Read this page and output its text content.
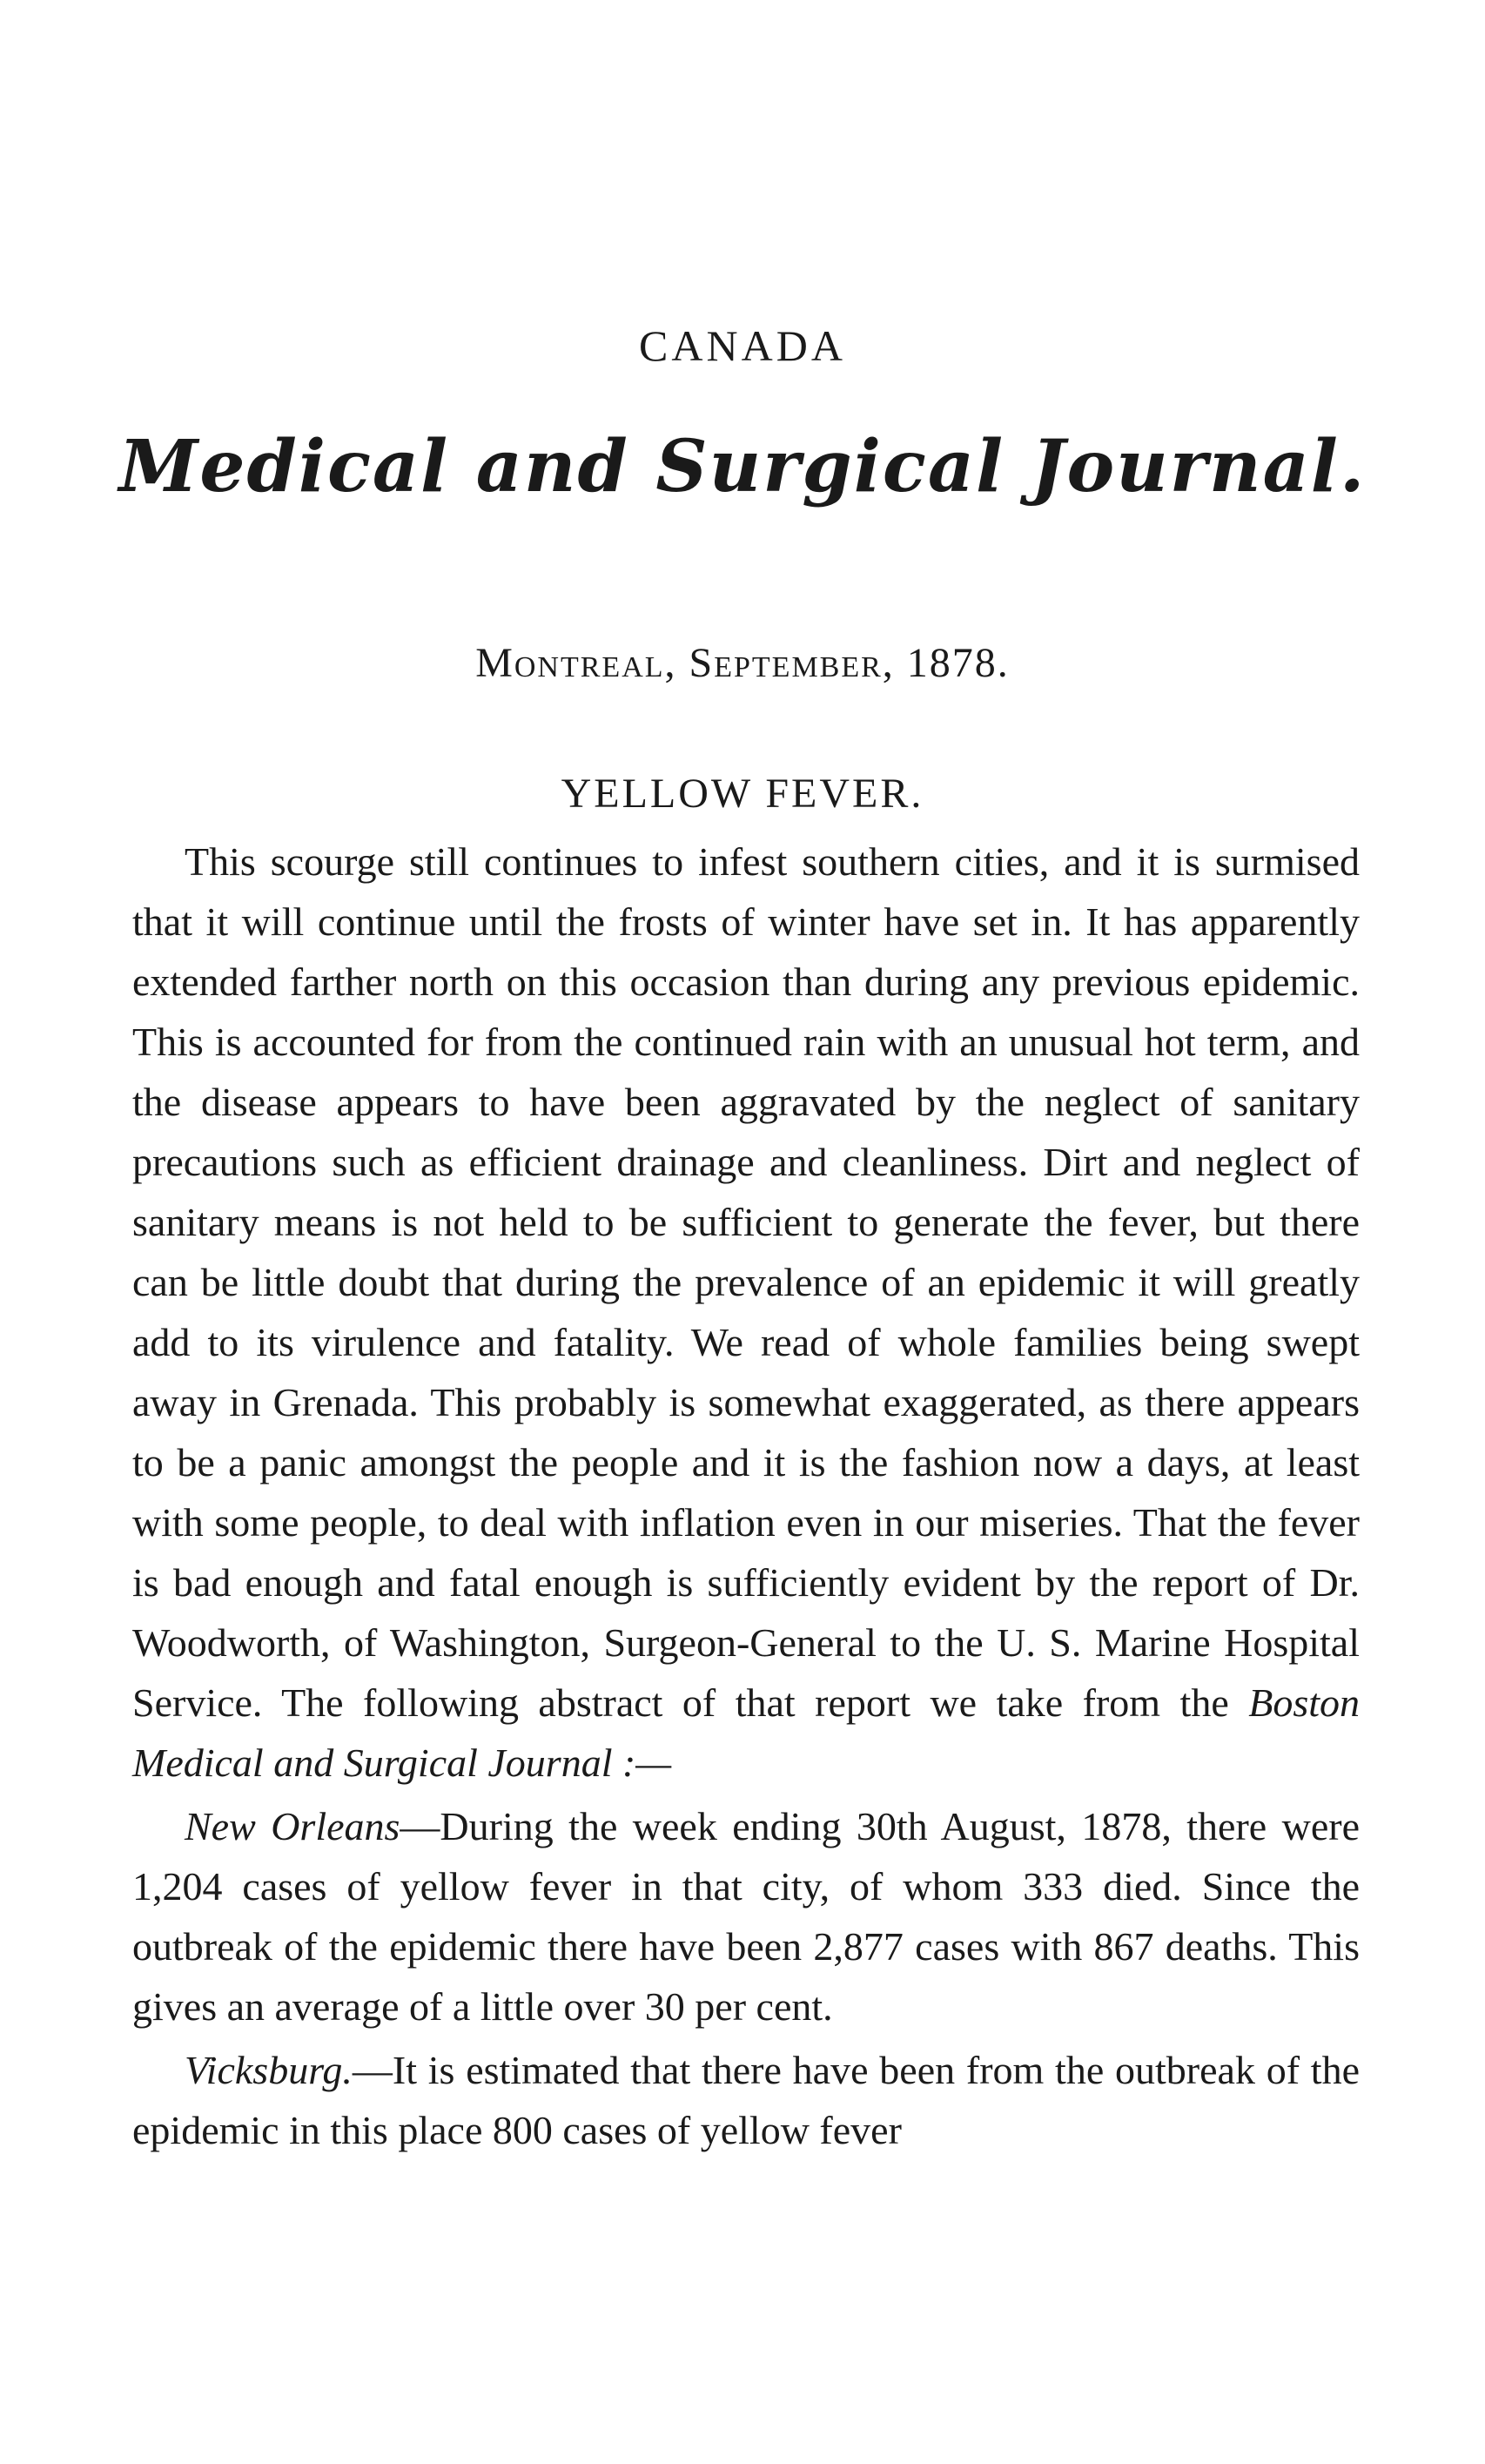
CANADA
Medical and Surgical Journal.
Montreal, September, 1878.
YELLOW FEVER.

This scourge still continues to infest southern cities, and it is surmised that it will continue until the frosts of winter have set in. It has apparently extended farther north on this occasion than during any previous epidemic. This is accounted for from the continued rain with an unusual hot term, and the disease appears to have been aggravated by the neglect of sanitary precautions such as efficient drainage and cleanliness. Dirt and neglect of sanitary means is not held to be sufficient to generate the fever, but there can be little doubt that during the prevalence of an epidemic it will greatly add to its virulence and fatality. We read of whole families being swept away in Grenada. This probably is somewhat exaggerated, as there appears to be a panic amongst the people and it is the fashion now a days, at least with some people, to deal with inflation even in our miseries. That the fever is bad enough and fatal enough is sufficiently evident by the report of Dr. Woodworth, of Washington, Surgeon-General to the U. S. Marine Hospital Service. The following abstract of that report we take from the Boston Medical and Surgical Journal :—

New Orleans—During the week ending 30th August, 1878, there were 1,204 cases of yellow fever in that city, of whom 333 died. Since the outbreak of the epidemic there have been 2,877 cases with 867 deaths. This gives an average of a little over 30 per cent.

Vicksburg.—It is estimated that there have been from the outbreak of the epidemic in this place 800 cases of yellow fever
